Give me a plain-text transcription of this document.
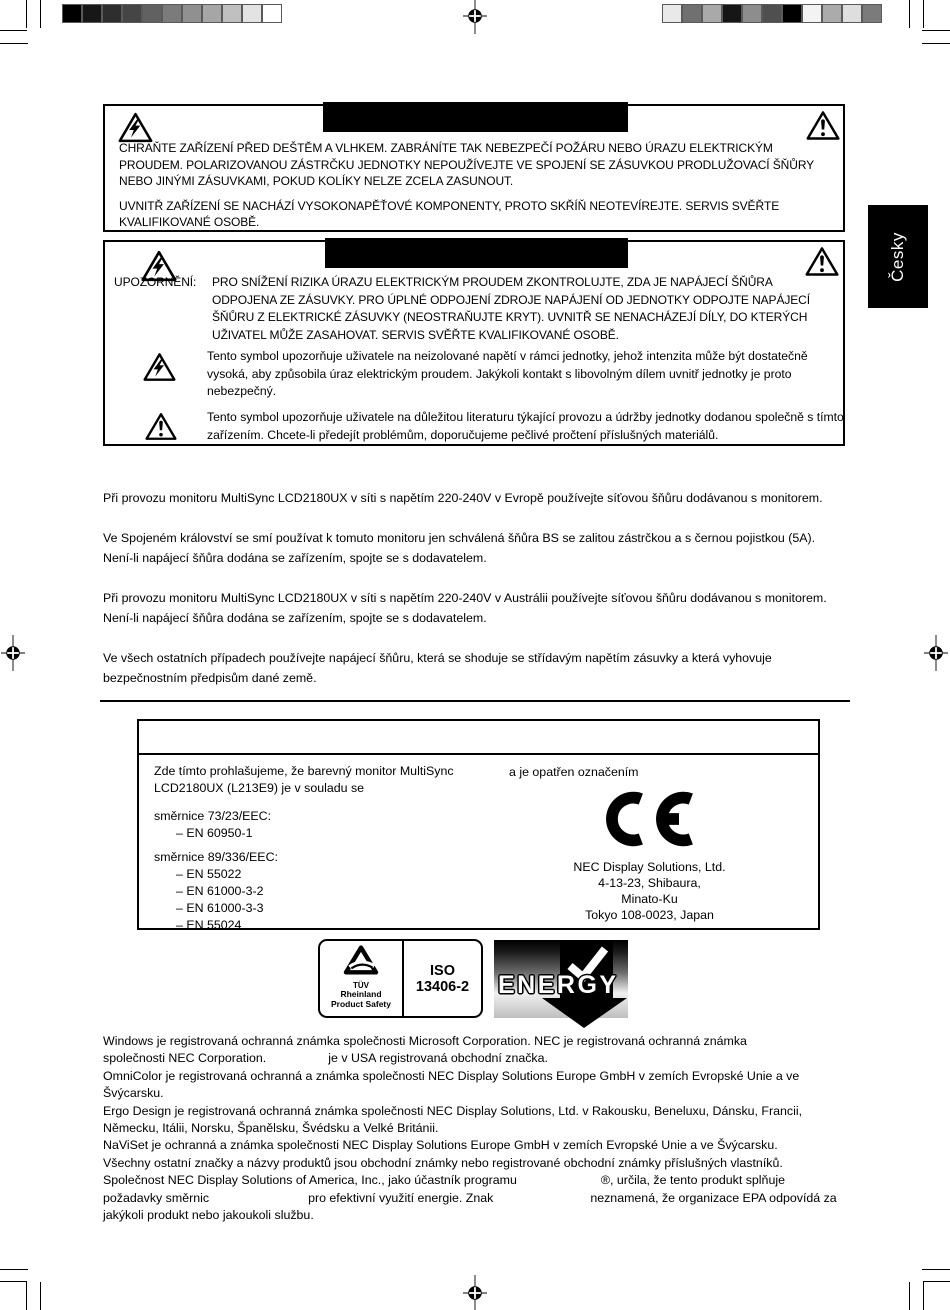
Česky

CHRAŇTE ZAŘÍZENÍ PŘED DEŠTĚM A VLHKEM. ZABRÁNÍTE TAK NEBEZPEČÍ POŽÁRU NEBO ÚRAZU ELEKTRICKÝM PROUDEM. POLARIZOVANOU ZÁSTRČKU JEDNOTKY NEPOUŽÍVEJTE VE SPOJENÍ SE ZÁSUVKOU PRODLUŽOVACÍ ŠŇŮRY NEBO JINÝMI ZÁSUVKAMI, POKUD KOLÍKY NELZE ZCELA ZASUNOUT.

UVNITŘ ZAŘÍZENÍ SE NACHÁZÍ VYSOKONAPĚŤOVÉ KOMPONENTY, PROTO SKŘÍŇ NEOTEVÍREJTE. SERVIS SVĚŘTE KVALIFIKOVANÉ OSOBĚ.

UPOZORNĚNÍ:	PRO SNÍŽENÍ RIZIKA ÚRAZU ELEKTRICKÝM PROUDEM ZKONTROLUJTE, ZDA JE NAPÁJECÍ ŠŇŮRA ODPOJENA ZE ZÁSUVKY. PRO ÚPLNÉ ODPOJENÍ ZDROJE NAPÁJENÍ OD JEDNOTKY ODPOJTE NAPÁJECÍ ŠŇŮRU Z ELEKTRICKÉ ZÁSUVKY (NEOSTRAŇUJTE KRYT). UVNITŘ SE NENACHÁZEJÍ DÍLY, DO KTERÝCH UŽIVATEL MŮŽE ZASAHOVAT. SERVIS SVĚŘTE KVALIFIKOVANÉ OSOBĚ.
Tento symbol upozorňuje uživatele na neizolované napětí v rámci jednotky, jehož intenzita může být dostatečně vysoká, aby způsobila úraz elektrickým proudem. Jakýkoli kontakt s libovolným dílem uvnitř jednotky je proto nebezpečný.
Tento symbol upozorňuje uživatele na důležitou literaturu týkající provozu a údržby jednotky dodanou společně s tímto zařízením. Chcete-li předejít problémům, doporučujeme pečlivé pročtení příslušných materiálů.

Při provozu monitoru MultiSync LCD2180UX v síti s napětím 220-240V v Evropě používejte síťovou šňůru dodávanou s monitorem.

Ve Spojeném království se smí používat k tomuto monitoru jen schválená šňůra BS se zalitou zástrčkou a s černou pojistkou (5A). Není-li napájecí šňůra dodána se zařízením, spojte se s dodavatelem.

Při provozu monitoru MultiSync LCD2180UX v síti s napětím 220-240V v Austrálii používejte síťovou šňůru dodávanou s monitorem. Není-li napájecí šňůra dodána se zařízením, spojte se s dodavatelem.

Ve všech ostatních případech používejte napájecí šňůru, která se shoduje se střídavým napětím zásuvky a která vyhovuje bezpečnostním předpisům dané země.

Zde tímto prohlašujeme, že barevný monitor MultiSync LCD2180UX (L213E9) je v souladu se
směrnice 73/23/EEC:
– EN 60950-1
směrnice 89/336/EEC:
– EN 55022
– EN 61000-3-2
– EN 61000-3-3
– EN 55024
a je opatřen označením
NEC Display Solutions, Ltd.
4-13-23, Shibaura,
Minato-Ku
Tokyo 108-0023, Japan
TÜV
Rheinland
Product Safety
ISO
13406-2 ENERGY
Windows je registrovaná ochranná známka společnosti Microsoft Corporation. NEC je registrovaná ochranná známka
společnosti NEC Corporation.	je v USA registrovaná obchodní značka.
OmniColor je registrovaná ochranná a známka společnosti NEC Display Solutions Europe GmbH v zemích Evropské Unie a ve
Švýcarsku.
Ergo Design je registrovaná ochranná známka společnosti NEC Display Solutions, Ltd. v Rakousku, Beneluxu, Dánsku, Francii,
Německu, Itálii, Norsku, Španělsku, Švédsku a Velké Británii.
NaViSet je ochranná a známka společnosti NEC Display Solutions Europe GmbH v zemích Evropské Unie a ve Švýcarsku.
Všechny ostatní značky a názvy produktů jsou obchodní známky nebo registrované obchodní známky příslušných vlastníků.
Společnost NEC Display Solutions of America, Inc., jako účastník programu	®, určila, že tento produkt splňuje
požadavky směrnic	pro efektivní využití energie. Znak	neznamená, že organizace EPA odpovídá za
jakýkoli produkt nebo jakoukoli službu.
